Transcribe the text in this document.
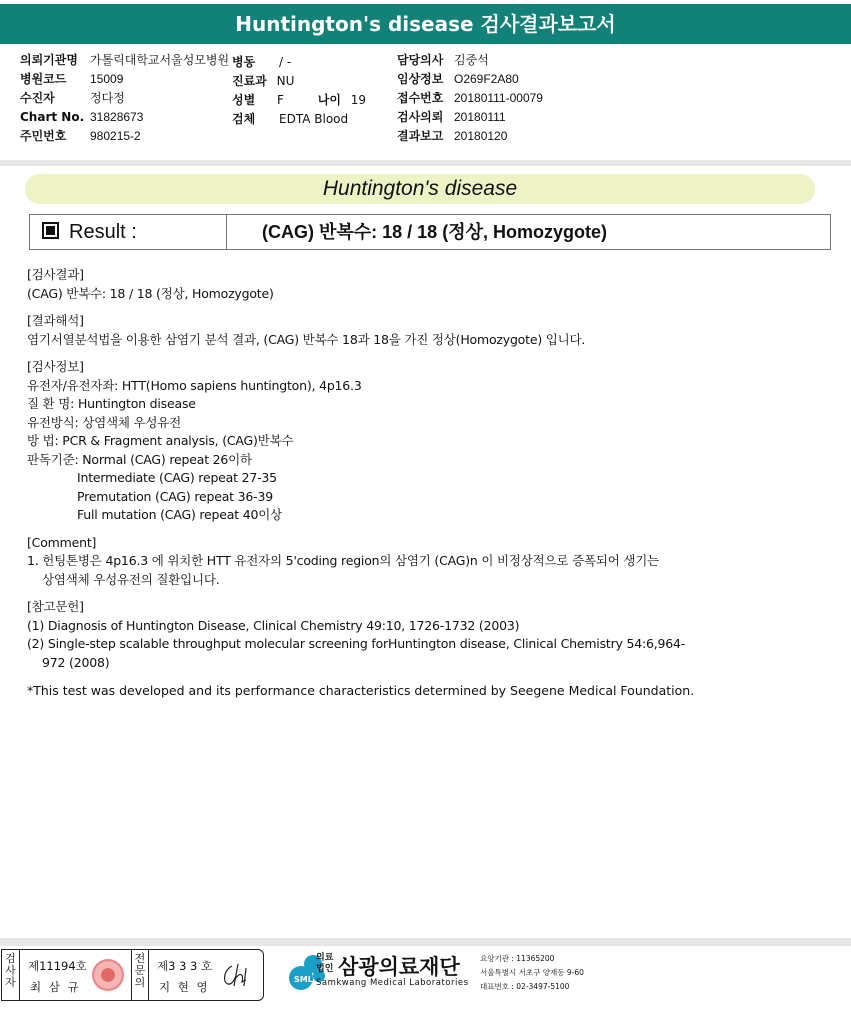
Huntington's disease 검사결과보고서
의뢰기관명 가톨릭대학교서울성모병원
병원코드 15009
수진자	정다정
Chart No. 31828673
주민번호 980215-2
병동 / -
진료과 NU
성별 F	나이 19
검체 EDTA Blood
담당의사 김중석
임상정보 O269F2A80
접수번호 20180111-00079
검사의뢰 20180111
결과보고 20180120
Huntington's disease
Result :	(CAG) 반복수: 18 / 18 (정상, Homozygote)
[검사결과]
(CAG) 반복수: 18 / 18 (정상, Homozygote)
[결과해석]
염기서열분석법을 이용한 삼염기 분석 결과, (CAG) 반복수 18과 18을 가진 정상(Homozygote) 입니다.
[검사정보]
유전자/유전자좌: HTT(Homo sapiens huntington), 4p16.3
질 환 명: Huntington disease
유전방식: 상염색체 우성유전
방 법: PCR & Fragment analysis, (CAG)반복수
판독기준: Normal (CAG) repeat 26이하
Intermediate (CAG) repeat 27-35
Premutation (CAG) repeat 36-39
Full mutation (CAG) repeat 40이상
[Comment]
1. 헌팅톤병은 4p16.3 에 위치한 HTT 유전자의 5'coding region의 삼염기 (CAG)n 이 비정상적으로 증폭되어 생기는
상염색체 우성유전의 질환입니다.
[참고문헌]
(1) Diagnosis of Huntington Disease, Clinical Chemistry 49:10, 1726-1732 (2003)
(2) Single-step scalable throughput molecular screening forHuntington disease, Clinical Chemistry 54:6,964-
972 (2008)
*This test was developed and its performance characteristics determined by Seegene Medical Foundation.
검
사
자
제11194호
최 삼 규
전
문
의
제3 3 3 호
지 현 영
SML
의료법인 삼광의료재단
Samkwang Medical Laboratories
요양기관 : 11365200
서울특별시 서초구 양재동 9-60
대표번호 : 02-3497-5100
